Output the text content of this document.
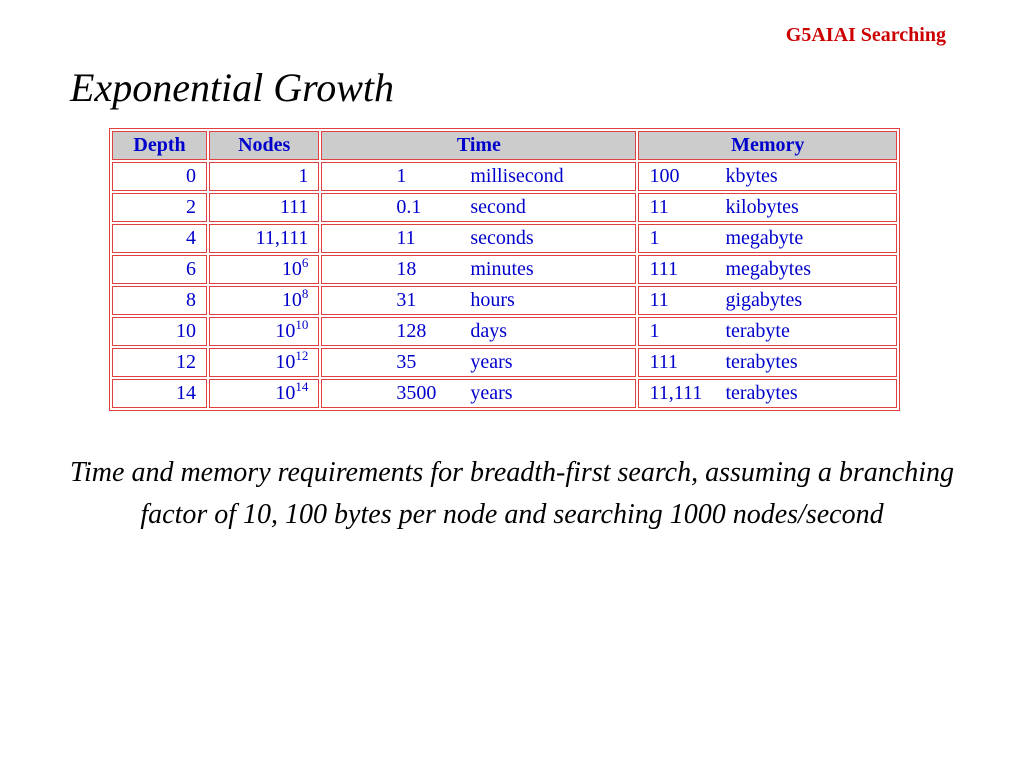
G5AIAI Searching
Exponential Growth
Depth	Nodes	Time	Memory
0	1	1 millisecond	100 kbytes
2	111	0.1 second	11 kilobytes
4	11,111	11 seconds	1 megabyte
6	$10^6$	18 minutes	111 megabytes
8	$10^8$	31 hours	11 gigabytes
10	$10^{10}$	128 days	1 terabyte
12	$10^{12}$	35 years	111 terabytes
14	$10^{14}$	3500 years	11,111 terabytes

Time and memory requirements for breadth-first search, assuming a branching factor of 10, 100 bytes per node and searching 1000 nodes/second
